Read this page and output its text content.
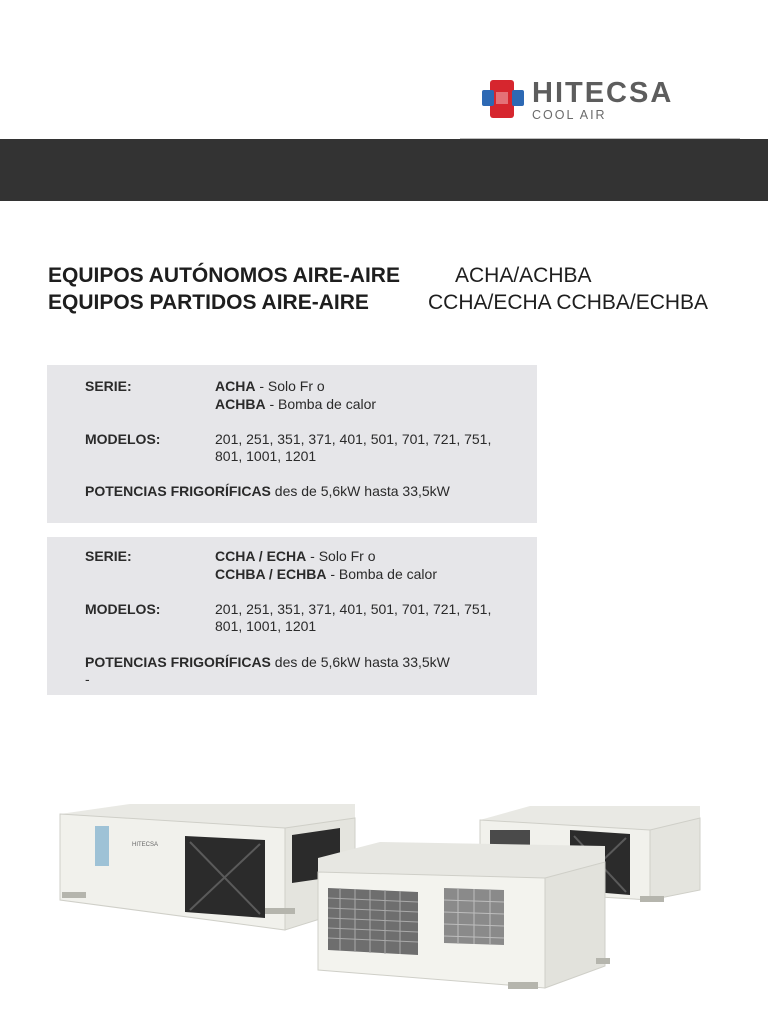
HITECSA
COOL AIR
EQUIPOS AUTÓNOMOS AIRE-AIRE	ACHA/ACHBA
EQUIPOS PARTIDOS AIRE-AIRE	CCHA/ECHA CCHBA/ECHBA
SERIE:	ACHA - Solo Fr o
ACHBA - Bomba de calor
MODELOS:	201, 251, 351, 371, 401, 501, 701, 721, 751,
801, 1001, 1201
POTENCIAS FRIGORÍFICAS des de 5,6kW hasta 33,5kW
SERIE:	CCHA / ECHA - Solo Fr o
CCHBA / ECHBA - Bomba de calor
MODELOS:	201, 251, 351, 371, 401, 501, 701, 721, 751,
801, 1001, 1201
POTENCIAS FRIGORÍFICAS des de 5,6kW hasta 33,5kW
-
HITECSA
